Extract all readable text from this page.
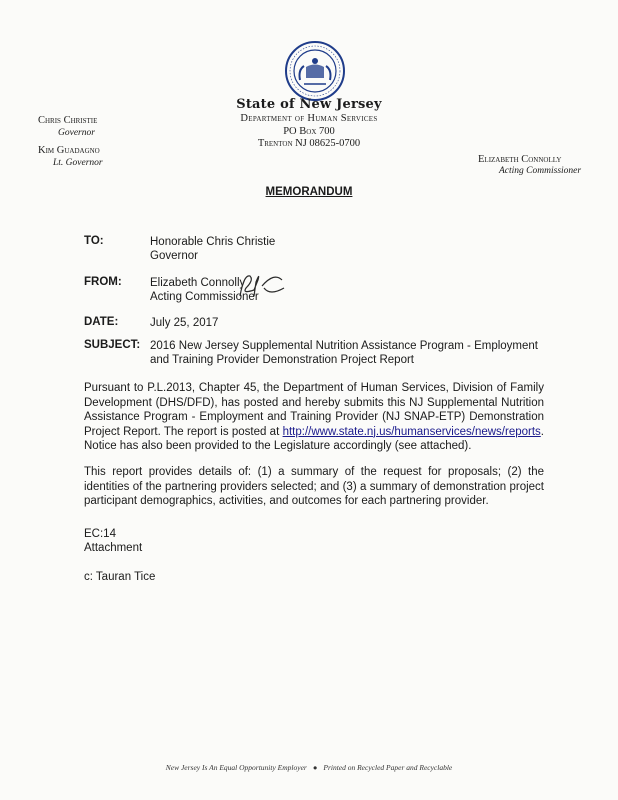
State of New Jersey
Department of Human Services
PO Box 700
Trenton NJ 08625-0700
Chris Christie
Governor
Kim Guadagno
Lt. Governor	Elizabeth Connolly
Acting Commissioner
MEMORANDUM
TO:	Honorable Chris Christie
Governor
FROM: Elizabeth Connolly
Acting Commissioner
DATE:	July 25, 2017
SUBJECT: 2016 New Jersey Supplemental Nutrition Assistance Program - Employment
and Training Provider Demonstration Project Report
Pursuant to P.L.2013, Chapter 45, the Department of Human Services, Division of Family Development (DHS/DFD), has posted and hereby submits this NJ Supplemental Nutrition Assistance Program - Employment and Training Provider (NJ SNAP-ETP) Demonstration Project Report. The report is posted at http://www.state.nj.us/humanservices/news/reports. Notice has also been provided to the Legislature accordingly (see attached).
This report provides details of: (1) a summary of the request for proposals; (2) the identities of the partnering providers selected; and (3) a summary of demonstration project participant demographics, activities, and outcomes for each partnering provider.
EC:14
Attachment
c: Tauran Tice
New Jersey Is An Equal Opportunity Employer ● Printed on Recycled Paper and Recyclable
